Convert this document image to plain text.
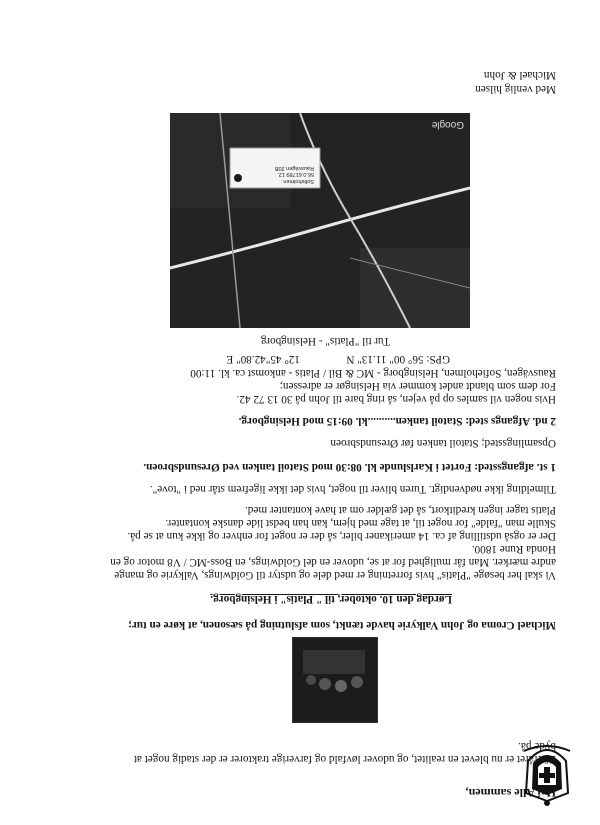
Hej Alle sammen,
Efteråret er nu blevet en realitet, og udover løvfald og farverige traktorer er der stadig noget at
byde på.
Michael Croma og John Valkyrie havde tænkt, som afslutning på sæsonen, at køre en tur;
Lørdag den 10. oktober, til " Platis" i Helsingborg.
Vi skal her besøge "Platis" hvis forretning er med dele og udstyr til Goldwings, Valkyrie og mange
andre mærker. Man får mulighed for at se, udover en del Goldwings, en Boss-MC / V8 motor og en
Honda Rune 1800.
Der er også udstilling af ca. 14 amerikaner biler, så der er noget for enhver og ikke kun at se på.
Skulle man "falde" for noget til, at tage med hjem, kan han bedst lide danske kontanter.
Platis tager ingen kreditkort, så det gælder om at have kontanter med.
Tilmelding ikke nødvendigt. Turen bliver til noget, hvis det ikke ligefrem står ned i "tove".
1 st. afgangssted: Fortet i Karlslunde kl. 08:30 mod Statoil tanken ved Øresundsbroen.
Opsamlingssted; Statoil tanken før Øresundsbroen
2 nd. Afgangs sted: Statoil tanken..........kl. 09:15 mod Helsingborg.
Hvis nogen vil samles op på vejen, så ring bare til John på 30 13 72 42.
For dem som blandt andet kommer via Helsingør er adressen;
Rausvägen, Sofieholmen, Helsingborg - MC & Bil / Platis - ankomst ca. kl. 11:00
GPS: 56° 00" 11.13" N
12° 45"42.80" E
Tur til "Platis" - Helsingborg
Sofieholmen
56.0.61789 12.
Rausvägen 20B
Google
Med venlig hilsen
Michael & John
